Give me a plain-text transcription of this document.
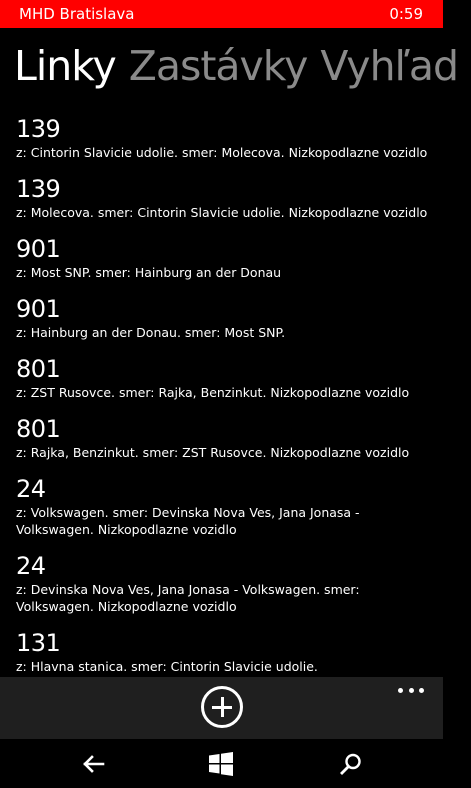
MHD Bratislava	0:59
Linky Zastávky Vyhľad
139
z: Cintorin Slavicie udolie. smer: Molecova. Nizkopodlazne vozidlo
139
z: Molecova. smer: Cintorin Slavicie udolie. Nizkopodlazne vozidlo
901
z: Most SNP. smer: Hainburg an der Donau
901
z: Hainburg an der Donau. smer: Most SNP.
801
z: ZST Rusovce. smer: Rajka, Benzinkut. Nizkopodlazne vozidlo
801
z: Rajka, Benzinkut. smer: ZST Rusovce. Nizkopodlazne vozidlo
24
z: Volkswagen. smer: Devinska Nova Ves, Jana Jonasa - Volkswagen. Nizkopodlazne vozidlo
24
z: Devinska Nova Ves, Jana Jonasa - Volkswagen. smer: Volkswagen. Nizkopodlazne vozidlo
131
z: Hlavna stanica. smer: Cintorin Slavicie udolie.
